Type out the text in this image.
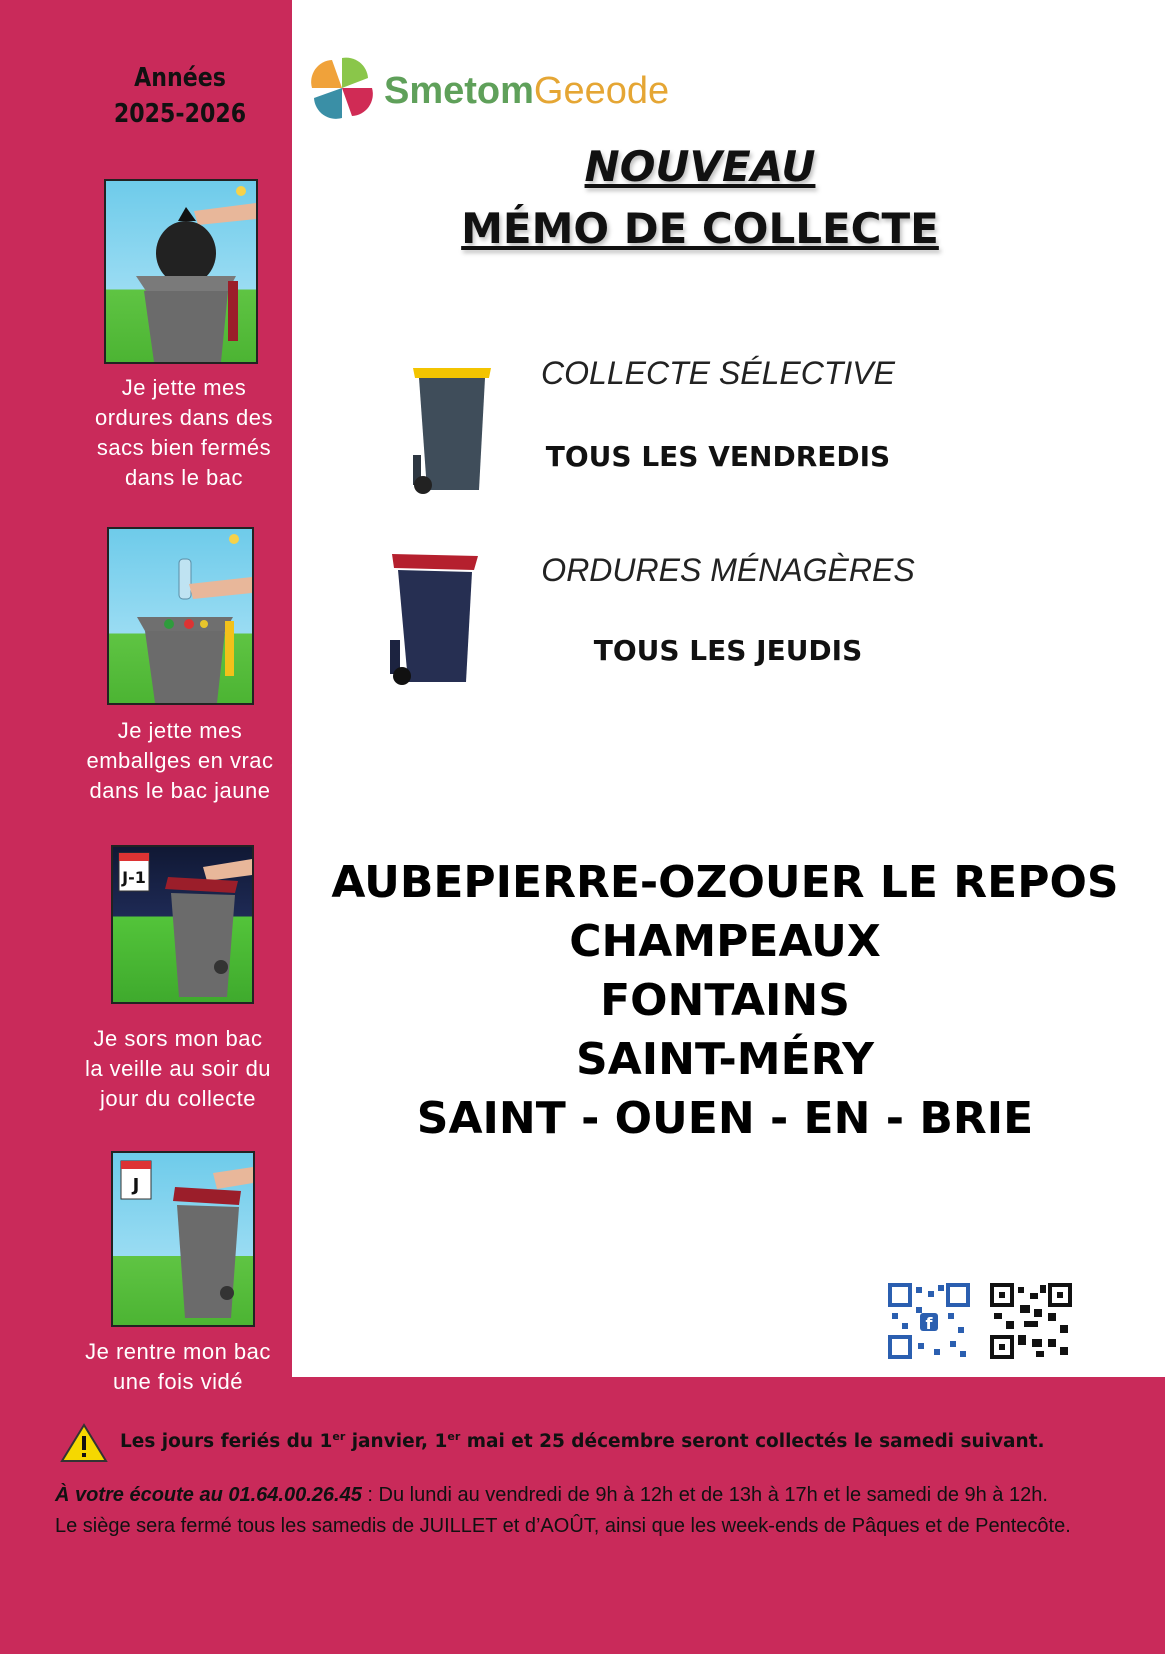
Années
2025-2026
Je jette mes
ordures dans des
sacs bien fermés
dans le bac
Je jette mes
emballges en vrac
dans le bac jaune
J-1
Je sors mon bac
la veille au soir du
jour du collecte
J
Je rentre mon bac
une fois vidé
SmetomGeeode
NOUVEAU
MÉMO DE COLLECTE
COLLECTE SÉLECTIVE
TOUS LES VENDREDIS
ORDURES MÉNAGÈRES
TOUS LES JEUDIS
AUBEPIERRE-OZOUER LE REPOS
CHAMPEAUX
FONTAINS
SAINT-MÉRY
SAINT - OUEN - EN - BRIE
f
Les jours feriés du 1er janvier, 1er mai et 25 décembre seront collectés le samedi suivant.
À votre écoute au 01.64.00.26.45 : Du lundi au vendredi de 9h à 12h et de 13h à 17h et le samedi de 9h à 12h.
Le siège sera fermé tous les samedis de JUILLET et d’AOÛT, ainsi que les week-ends de Pâques et de Pentecôte.
